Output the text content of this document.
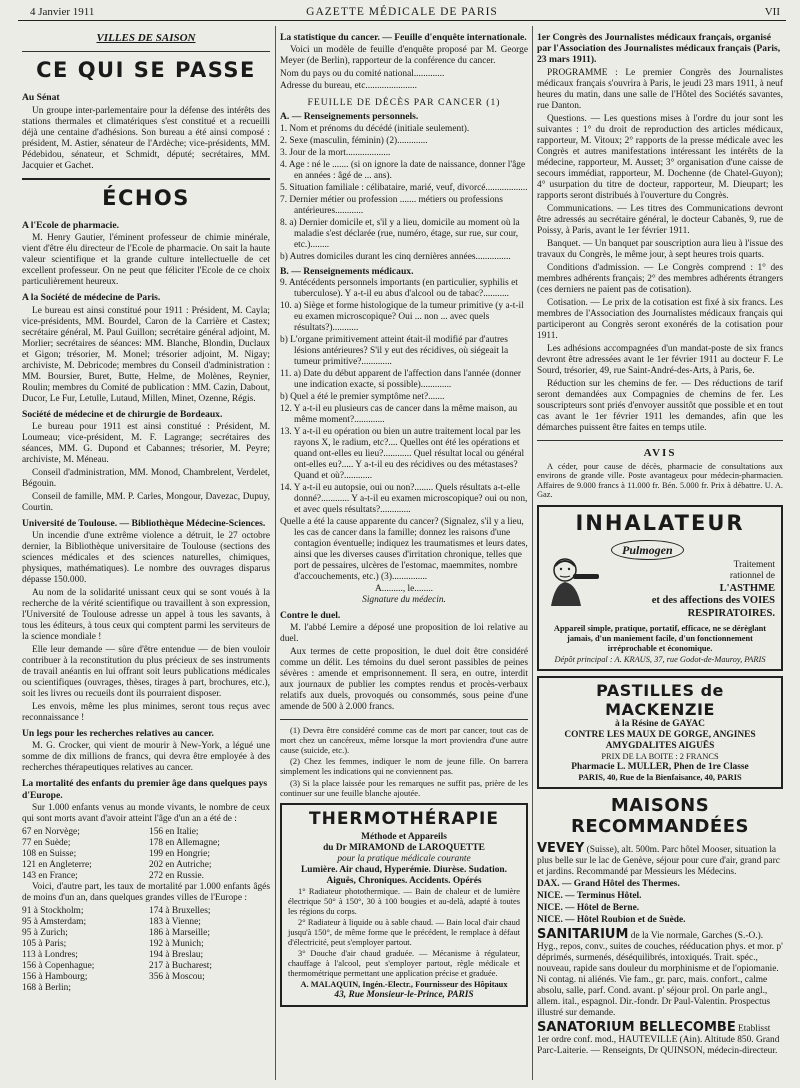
4 Janvier 1911	GAZETTE MÉDICALE DE PARIS	VII
VILLES DE SAISON
CE QUI SE PASSE
Au Sénat

Un groupe inter-parlementaire pour la défense des intérêts des stations thermales et climatériques s'est constitué et a recueilli déjà une centaine d'adhésions. Son bureau a été ainsi composé : président, M. Astier, sénateur de l'Ardèche; vice-présidents, MM. Pédebidou, sénateur, et Schmidt, député; secrétaires, MM. Jacquier et Gachet.

ÉCHOS
A l'Ecole de pharmacie.

M. Henry Gautier, l'éminent professeur de chimie minérale, vient d'être élu directeur de l'Ecole de pharmacie. On sait la haute valeur scientifique et la grande culture intellectuelle de cet excellent professeur. On ne peut que féliciter l'Ecole de ce choix particulièrement heureux.

A la Société de médecine de Paris.

Le bureau est ainsi constitué pour 1911 : Président, M. Cayla; vice-présidents, MM. Bourdel, Caron de la Carrière et Castex; secrétaire général, M. Paul Guillon; secrétaire général adjoint, M. Morlier; secrétaires de séances: MM. Blanche, Blondin, Duclaux et Gigon; trésorier, M. Monel; trésorier adjoint, M. Nigay; archiviste, M. Debricode; membres du Conseil d'administration : MM. Boursier, Buret, Butte, Helme, de Molènes, Reynier, Roulin; membres du Comité de publication : MM. Cazin, Dabout, Ducor, Le Fur, Letulle, Lutaud, Millen, Minet, Ozenne, Régis.

Société de médecine et de chirurgie de Bordeaux.

Le bureau pour 1911 est ainsi constitué : Président, M. Loumeau; vice-président, M. F. Lagrange; secrétaires des séances, MM. G. Dupond et Cabannes; trésorier, M. Peyre; archiviste, M. Méneau.

Conseil d'administration, MM. Monod, Chambrelent, Verdelet, Bégouin.

Conseil de famille, MM. P. Carles, Mongour, Davezac, Dupuy, Courtin.

Université de Toulouse. — Bibliothèque Médecine-Sciences.

Un incendie d'une extrême violence a détruit, le 27 octobre dernier, la Bibliothèque universitaire de Toulouse (sections des sciences médicales et des sciences naturelles, chimiques, physiques, mathématiques). Le nombre des ouvrages disparus dépasse 150.000.

Au nom de la solidarité unissant ceux qui se sont voués à la recherche de la vérité scientifique ou travaillent à son expression, l'Université de Toulouse adresse un appel à tous les savants, à tous les éditeurs, à tous ceux qui comptent parmi les serviteurs de la science mondiale !

Elle leur demande — sûre d'être entendue — de bien vouloir contribuer à la reconstitution du plus précieux de ses instruments de travail anéantis en lui offrant soit leurs publications médicales ou scientifiques (ouvrages, thèses, tirages à part, brochures, etc.), soit les livres ou recueils dont ils pourraient disposer.

Les envois, même les plus minimes, seront tous reçus avec reconnaissance !

Un legs pour les recherches relatives au cancer.

M. G. Crocker, qui vient de mourir à New-York, a légué une somme de dix millions de francs, qui devra être employée à des recherches thérapeutiques relatives au cancer.

La mortalité des enfants du premier âge dans quelques pays d'Europe.

Sur 1.000 enfants venus au monde vivants, le nombre de ceux qui sont morts avant d'avoir atteint l'âge d'un an a été de :

67 en Norvège;
77 en Suède;
108 en Suisse;
121 en Angleterre;
143 en France;
156 en Italie;
178 en Allemagne;
199 en Hongrie;
202 en Autriche;
272 en Russie.

Voici, d'autre part, les taux de mortalité par 1.000 enfants âgés de moins d'un an, dans quelques grandes villes de l'Europe :

91 à Stockholm;
95 à Amsterdam;
95 à Zurich;
105 à Paris;
113 à Londres;
156 à Copenhague;
156 à Hambourg;
168 à Berlin;
174 à Bruxelles;
183 à Vienne;
186 à Marseille;
192 à Munich;
194 à Breslau;
217 à Bucharest;
356 à Moscou;
La statistique du cancer. — Feuille d'enquête internationale.

Voici un modèle de feuille d'enquête proposé par M. George Meyer (de Berlin), rapporteur de la conférence du cancer.

Nom du pays ou du comité national.............
Adresse du bureau, etc......................
FEUILLE DE DÉCÈS PAR CANCER (1)
A. — Renseignements personnels.
1. Nom et prénoms du décédé (initiale seulement).
2. Sexe (masculin, féminin) (2).............
3. Jour de la mort...................
4. Age : né le ....... (si on ignore la date de naissance, donner l'âge en années : âgé de ... ans).
5. Situation familiale : célibataire, marié, veuf, divorcé..................
7. Dernier métier ou profession ....... métiers ou professions antérieures............
8. a) Dernier domicile et, s'il y a lieu, domicile au moment où la maladie s'est déclarée (rue, numéro, étage, sur rue, sur cour, etc.)........
b) Autres domiciles durant les cinq dernières années...............
B. — Renseignements médicaux.
9. Antécédents personnels importants (en particulier, syphilis et tuberculose). Y a-t-il eu abus d'alcool ou de tabac?...........
10. a) Siège et forme histologique de la tumeur primitive (y a-t-il eu examen microscopique? Oui ... non ... avec quels résultats?)...........
b) L'organe primitivement atteint était-il modifié par d'autres lésions antérieures? S'il y eut des récidives, où siégeait la tumeur primitive?.............
11. a) Date du début apparent de l'affection dans l'année (donner une indication exacte, si possible).............
b) Quel a été le premier symptôme net?.......
12. Y a-t-il eu plusieurs cas de cancer dans la même maison, au même moment?.............
13. Y a-t-il eu opération ou bien un autre traitement local par les rayons X, le radium, etc?.... Quelles ont été les opérations et quand ont-elles eu lieu?............ Quel résultat local ou général ont-elles eu?..... Y a-t-il eu des récidives ou des métastases? Quand et où?............
14. Y a-t-il eu autopsie, oui ou non?........ Quels résultats a-t-elle donné?............ Y a-t-il eu examen microscopique? oui ou non, et avec quels résultats?.............
Quelle a été la cause apparente du cancer? (Signalez, s'il y a lieu, les cas de cancer dans la famille; donnez les raisons d'une contagion éventuelle; indiquez les traumatismes et leurs dates, ainsi que les diverses causes d'irritation chronique, telles que port de pessaires, ulcères de l'estomac, maemmites, nombre d'accouchements, etc.) (3)...............
A........., le........
Signature du médecin.
Contre le duel.

M. l'abbé Lemire a déposé une proposition de loi relative au duel.

Aux termes de cette proposition, le duel doit être considéré comme un délit. Les témoins du duel seront passibles de peines sévères : amende et emprisonnement. Il sera, en outre, interdit aux journaux de publier les comptes rendus et procès-verbaux relatifs aux duels, provoqués ou consommés, sous peine d'une amende de 500 à 2.000 francs.

(1) Devra être considéré comme cas de mort par cancer, tout cas de mort chez un cancéreux, même lorsque la mort proviendra d'une autre cause (suicide, etc.).

(2) Chez les femmes, indiquer le nom de jeune fille. On barrera simplement les indications qui ne conviennent pas.

(3) Si la place laissée pour les remarques ne suffit pas, prière de les continuer sur une feuille blanche ajoutée.

THERMOTHÉRAPIE
Méthode et Appareils
du Dr MIRAMOND de LAROQUETTE
pour la pratique médicale courante
Lumière. Air chaud, Hyperémie. Diurèse. Sudation.
Aiguës, Chroniques. Accidents. Opérés

1° Radiateur photothermique. — Bain de chaleur et de lumière électrique 50° à 150°, 30 à 100 bougies et au-delà, adapté à toutes les régions du corps.

2° Radiateur à liquide ou à sable chaud. — Bain local d'air chaud jusqu'à 150°, de même forme que le précédent, le remplace à défaut d'électricité, peut s'employer partout.

3° Douche d'air chaud graduée. — Mécanisme à régulateur, chauffage à l'alcool, peut s'employer partout, règle médicale et thermométrique permettant une application précise et graduée.

A. MALAQUIN, Ingén.-Electr., Fournisseur des Hôpitaux
43, Rue Monsieur-le-Prince, PARIS
1er Congrès des Journalistes médicaux français, organisé par l'Association des Journalistes médicaux français (Paris, 23 mars 1911).

PROGRAMME : Le premier Congrès des Journalistes médicaux français s'ouvrira à Paris, le jeudi 23 mars 1911, à neuf heures du matin, dans une salle de l'Hôtel des Sociétés savantes, rue Danton.

Questions. — Les questions mises à l'ordre du jour sont les suivantes : 1° du droit de reproduction des articles médicaux, rapporteur, M. Vitoux; 2° rapports de la presse médicale avec les Congrès et autres manifestations intéressant les intérêts de la médecine, rapporteur, M. Ausset; 3° organisation d'une caisse de secours immédiat, rapporteur, M. Dochenne (de Chatel-Guyon); 4° usurpation du titre de docteur, rapporteur, M. Dieupart; les rapports seront distribués à l'ouverture du Congrès.

Communications. — Les titres des Communications devront être adressés au secrétaire général, le docteur Cabanès, 9, rue de Poissy, à Paris, avant le 1er février 1911.

Banquet. — Un banquet par souscription aura lieu à l'issue des travaux du Congrès, le même jour, à sept heures trois quarts.

Conditions d'admission. — Le Congrès comprend : 1° des membres adhérents français; 2° des membres adhérents étrangers (ces derniers ne paient pas de cotisation).

Cotisation. — Le prix de la cotisation est fixé à six francs. Les membres de l'Association des Journalistes médicaux français qui participeront au Congrès seront exonérés de la cotisation pour 1911.

Les adhésions accompagnées d'un mandat-poste de six francs devront être adressées avant le 1er février 1911 au docteur F. Le Sourd, trésorier, 49, rue Saint-André-des-Arts, à Paris, 6e.

Réduction sur les chemins de fer. — Des réductions de tarif seront demandées aux Compagnies de chemins de fer. Les souscripteurs sont priés d'envoyer aussitôt que possible et en tout cas avant le 1er février 1911 les demandes, afin que les démarches puissent être faites en temps utile.

AVIS

A céder, pour cause de décès, pharmacie de consultations aux environs de grande ville. Poste avantageux pour médecin-pharmacien. Affaires de 9.000 francs à 11.000 fr. Bén. 5.000 fr. Prix à débattre. U. A. Gaz.

INHALATEUR
Pulmogen
Traitement
rationnel de
L'ASTHME
et des affections des VOIES
RESPIRATOIRES.

Appareil simple, pratique, portatif, efficace, ne se dérèglant jamais, d'un maniement facile, d'un fonctionnement irréprochable et économique.

Dépôt principal : A. KRAUS, 37, rue Godot-de-Mauroy, PARIS
PASTILLES de MACKENZIE
à la Résine de GAYAC
CONTRE LES MAUX DE GORGE, ANGINES
AMYGDALITES AIGUËS
PRIX DE LA BOITE : 2 FRANCS
Pharmacie L. MULLER, Phen de 1re Classe
PARIS, 40, Rue de la Bienfaisance, 40, PARIS
MAISONS RECOMMANDÉES
VEVEY (Suisse), alt. 500m. Parc hôtel Mooser, situation la plus belle sur le lac de Genève, séjour pour cure d'air, grand parc et jardins. Recommandé par Messieurs les Médecins.
DAX. — Grand Hôtel des Thermes.
NICE. — Terminus Hôtel.
NICE. — Hôtel de Berne.
NICE. — Hôtel Roubion et de Suède.
SANITARIUM de la Vie normale, Garches (S.-O.). Hyg., repos, conv., suites de couches, rééducation phys. et mor. p' déprimés, surmenés, déséquilibrés, intoxiqués. Trait. spéc., nouveau, rapide sans douleur du morphinisme et de l'opiomanie. Ni contag. ni aliénés. Vie fam., gr. parc, mais. confort., calme absolu, salle, parf. Cond. avant. p' séjour prol. On parle angl., allem. ital., espagnol. Dir.-fondr. Dr Paul-Valentin. Prospectus illustré sur demande.
SANATORIUM BELLECOMBE Etablisst 1er ordre conf. mod., HAUTEVILLE (Ain). Altitude 850. Grand Parc-Laiterie. — Renseignts, Dr QUINSON, médecin-directeur.
